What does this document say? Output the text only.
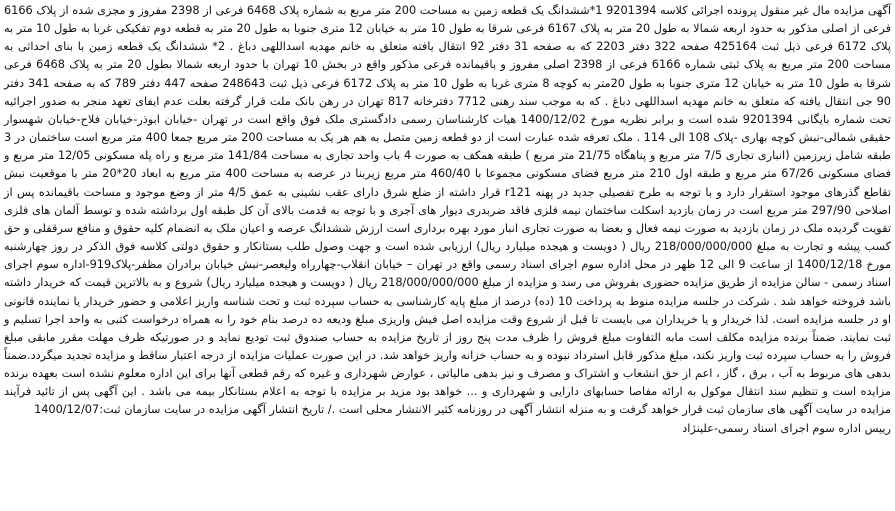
آگهی مزایده مال غیر منقول پرونده اجرائی کلاسه 9201394 1*ششدانگ یک قطعه زمین به مساحت 200 متر مربع به شماره پلاک 6468 فرعی از 2398 مفروز و مجزی شده از پلاک 6166 فرعی از اصلی مذکور به حدود اربعه شمالا به طول 20 متر به پلاک 6167 فرعی شرقا به طول 10 متر به خیابان 12 متری جنوبا به طول 20 متر به قطعه دوم تفکیکی غربا به طول 10 متر به پلاک 6172 فرعی ذیل ثبت 425164 صفحه 322 دفتر 2203 که به صفحه 31 دفتر 92 انتقال یافته متعلق به خانم مهدیه اسداللهی دباغ . 2* ششدانگ یک قطعه زمین با بنای احداثی به مساحت 200 متر مربع به پلاک ثبتی شماره 6166 فرعی از 2398 اصلی مفروز و باقیمانده فرعی مذکور واقع در بخش 10 تهران با حدود اربعه شمالا بطول 20 متر به پلاک 6468 فرعی شرقا به طول 10 متر به خیابان 12 متری جنوبا به طول 20متر به کوچه 8 متری غربا به طول 10 متر به پلاک 6172 فرعی ذیل ثبت 248643 صفحه 447 دفتر 789 که به صفحه 341 دفتر 90 جی انتقال یافته که متعلق به خانم مهدیه اسداللهی دباغ . که به موجب سند رهنی 7712 دفترخانه 817 تهران در رهن بانک ملت قرار گرفته بعلت عدم ایفای تعهد منجر به صدور اجرائیه تحت شماره بایگانی 9201394 شده است و برابر نظریه مورخ 1400/12/02 هیات کارشناسان رسمی دادگستری ملک فوق واقع است در تهران -خیابان ابوذر-خیابان فلاح-خیابان شهسوار حقیقی شمالی-نبش کوچه بهاری -پلاک 108 الی 114 . ملک تعرفه شده عبارت است از دو قطعه زمین متصل به هم هر یک به مساحت 200 متر مربع جمعا 400 متر مربع است ساختمان در 3 طبقه شامل زیرزمین (انباری تجاری 7/5 متر مربع و پناهگاه 21/75 متر مربع ) طبقه همکف به صورت 4 باب واحد تجاری به مساحت 141/84 متر مربع و راه پله مسکونی 12/05 متر مربع و فضای مسکونی 67/26 متر مربع و طبقه اول 210 متر مربع فضای مسکونی مجموعا با 460/40 متر مربع زیربنا در عرصه به مساحت 400 متر مربع به ابعاد 20*20 متر با موقعیت نبش تقاطع گذرهای موجود استقرار دارد و با توجه به طرح تفصیلی جدید در پهنه r121 قرار داشته از ضلع شرق دارای عقب نشینی به عمق 4/5 متر از وضع موجود و مساحت باقیمانده پس از اصلاحی 297/90 متر مربع است در زمان بازدید اسکلت ساختمان نیمه فلزی فاقد ضربدری دیوار های آجری و با توجه به قدمت بالای آن کل طبقه اول برداشته شده و توسط آلمان های فلزی تقویت گردیده ملک در زمان بازدید به صورت نیمه فعال و بعضا به صورت تجاری انبار مورد بهره برداری است ارزش ششدانگ عرصه و اعیان ملک به انضمام کلیه حقوق و منافع سرقفلی و حق کسب پیشه و تجارت به مبلغ 218/000/000/000 ریال ( دویست و هیجده میلیارد ریال) ارزیابی شده است و جهت وصول طلب بستانکار و حقوق دولتی کلاسه فوق الذکر در روز چهارشنبه مورخ 1400/12/18 از ساعت 9 الی 12 ظهر در محل اداره سوم اجرای اسناد رسمی واقع در تهران – خیابان انقلاب-چهارراه ولیعصر-نبش خیابان برادران مظفر-پلاک919-اداره سوم اجرای اسناد رسمی - سالن مزایده از طریق مزایده حضوری بفروش می رسد و مزایده از مبلغ 218/000/000/000 ریال ( دویست و هیجده میلیارد ریال) شروع و به بالاترین قیمت که خریدار داشته باشد فروخته خواهد شد . شرکت در جلسه مزایده منوط به پرداخت 10 (ده) درصد از مبلغ پایه کارشناسی به حساب سپرده ثبت و تحت شناسه واریز اعلامی و حضور خریدار یا نماینده قانونی او در جلسه مزایده است. لذا خریدار و یا خریداران می بایست تا قبل از شروع وقت مزایده اصل فیش واریزی مبلغ ودیعه ده درصد بنام خود را به همراه درخواست کتبی به واحد اجرا تسلیم و ثبت نمایند. ضمناً برنده مزایده مکلف است مابه التفاوت مبلغ فروش را ظرف مدت پنج روز از تاریخ مزایده به حساب صندوق ثبت تودیع نماید و در صورتیکه ظرف مهلت مقرر مابقی مبلغ فروش را به حساب سپرده ثبت واریز نکند، مبلغ مذکور قابل استرداد نبوده و به حساب خزانه واریز خواهد شد. در این صورت عملیات مزایده از درجه اعتبار ساقط و مزایده تجدید میگردد.ضمناً بدهی های مربوط به آب ، برق ، گاز ، اعم از حق انشعاب و اشتراک و مصرف و نیز بدهی مالیاتی ، عوارض شهرداری و غیره که رقم قطعی آنها برای این اداره معلوم نشده است بعهده برنده مزایده است و تنظیم سند انتقال موکول به ارائه مفاصا حسابهای دارایی و شهرداری و ... خواهد بود مزید بر مزایده با توجه به اعلام بستانکار بیمه می باشد . این آگهی پس از تائید فرآیند مزایده در سایت آگهی های سازمان ثبت قرار خواهد گرفت و به منزله انتشار آگهی در روزنامه کثیر الانتشار محلی است ./ تاریخ انتشار آگهی مزایده در سایت سازمان ثبت:1400/12/07

رییس اداره سوم اجرای اسناد رسمی-علینژاد
